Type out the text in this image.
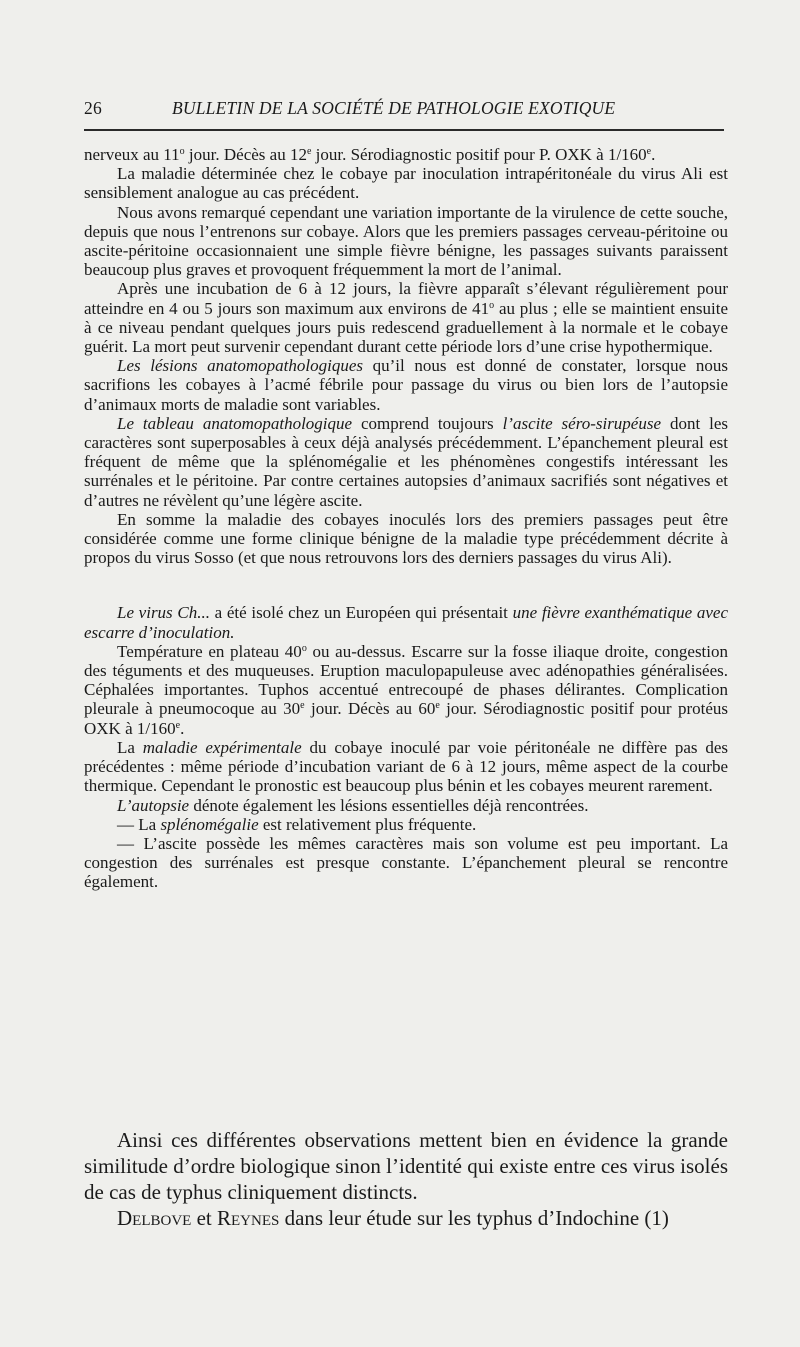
26	BULLETIN DE LA SOCIÉTÉ DE PATHOLOGIE EXOTIQUE

nerveux au 11$^o$ jour. Décès au 12e jour. Sérodiagnostic positif pour P. OXK à 1/160e.

La maladie déterminée chez le cobaye par inoculation intrapéritonéale du virus Ali est sensiblement analogue au cas précédent.

Nous avons remarqué cependant une variation importante de la virulence de cette souche, depuis que nous l’entrenons sur cobaye. Alors que les premiers passages cerveau-péritoine ou ascite-péritoine occasionnaient une simple fièvre bénigne, les passages suivants paraissent beaucoup plus graves et provoquent fréquemment la mort de l’animal.

Après une incubation de 6 à 12 jours, la fièvre apparaît s’élevant régulièrement pour atteindre en 4 ou 5 jours son maximum aux environs de 41$^o$ au plus ; elle se maintient ensuite à ce niveau pendant quelques jours puis redescend graduellement à la normale et le cobaye guérit. La mort peut survenir cependant durant cette période lors d’une crise hypothermique.

Les lésions anatomopathologiques qu’il nous est donné de constater, lorsque nous sacrifions les cobayes à l’acmé fébrile pour passage du virus ou bien lors de l’autopsie d’animaux morts de maladie sont variables.

Le tableau anatomopathologique comprend toujours l’ascite séro-sirupéuse dont les caractères sont superposables à ceux déjà analysés précédemment. L’épanchement pleural est fréquent de même que la splénomégalie et les phénomènes congestifs intéressant les surrénales et le péritoine. Par contre certaines autopsies d’animaux sacrifiés sont négatives et d’autres ne révèlent qu’une légère ascite.

En somme la maladie des cobayes inoculés lors des premiers passages peut être considérée comme une forme clinique bénigne de la maladie type précédemment décrite à propos du virus Sosso (et que nous retrouvons lors des derniers passages du virus Ali).

Le virus Ch... a été isolé chez un Européen qui présentait une fièvre exanthématique avec escarre d’inoculation.

Température en plateau 40$^o$ ou au-dessus. Escarre sur la fosse iliaque droite, congestion des téguments et des muqueuses. Eruption maculopapuleuse avec adénopathies généralisées. Céphalées importantes. Tuphos accentué entrecoupé de phases délirantes. Complication pleurale à pneumocoque au 30e jour. Décès au 60e jour. Sérodiagnostic positif pour protéus OXK à 1/160e.

La maladie expérimentale du cobaye inoculé par voie péritonéale ne diffère pas des précédentes : même période d’incubation variant de 6 à 12 jours, même aspect de la courbe thermique. Cependant le pronostic est beaucoup plus bénin et les cobayes meurent rarement.

L’autopsie dénote également les lésions essentielles déjà rencontrées.

— La splénomégalie est relativement plus fréquente.

— L’ascite possède les mêmes caractères mais son volume est peu important. La congestion des surrénales est presque constante. L’épanchement pleural se rencontre également.

Ainsi ces différentes observations mettent bien en évidence la grande similitude d’ordre biologique sinon l’identité qui existe entre ces virus isolés de cas de typhus cliniquement distincts.

Delbove et Reynes dans leur étude sur les typhus d’Indochine (1)
